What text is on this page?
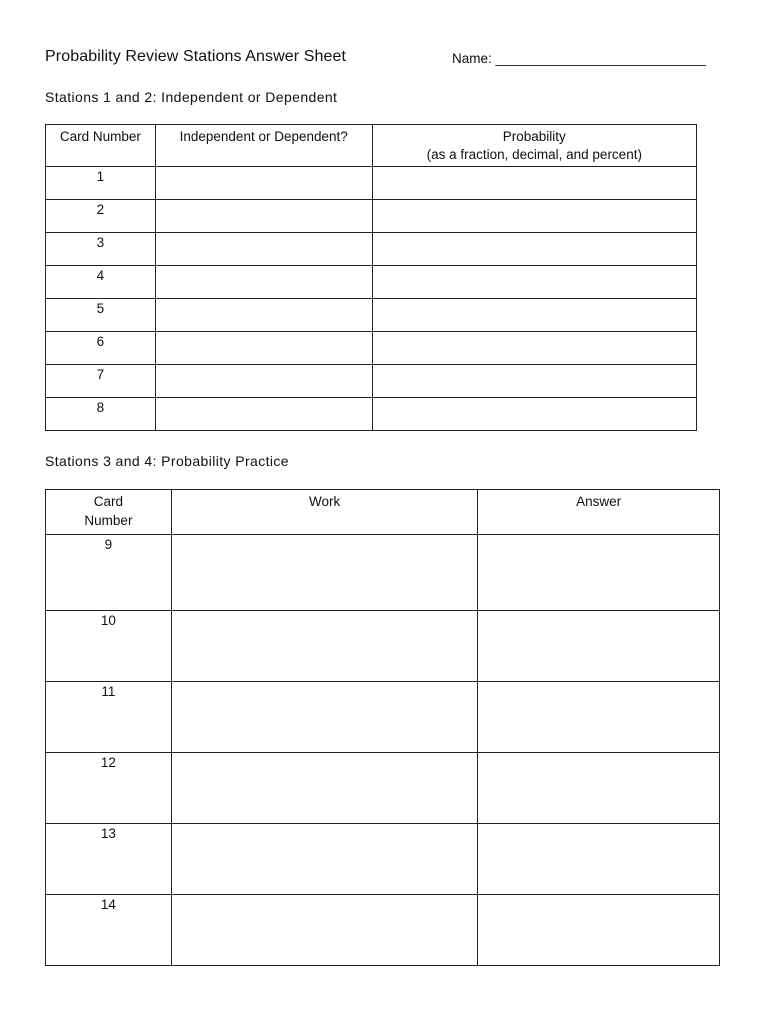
Probability Review Stations Answer Sheet	Name: ____________________________
Stations 1 and 2: Independent or Dependent
Card Number	Independent or Dependent?	Probability
(as a fraction, decimal, and percent)

1		
2		
3		
4		
5		
6		
7		
8		
Stations 3 and 4: Probability Practice
Card
Number	Work	Answer
9		
10		
11		
12		
13		
14		
